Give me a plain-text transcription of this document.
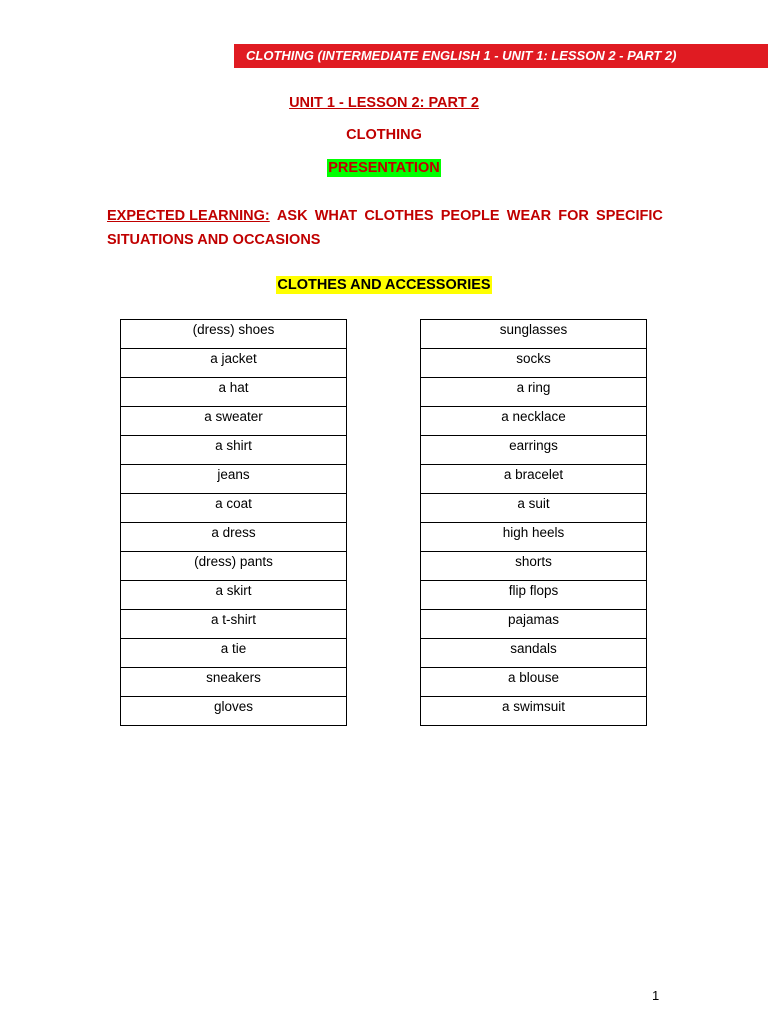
CLOTHING (INTERMEDIATE ENGLISH 1 - UNIT 1: LESSON 2 - PART 2)
UNIT 1 - LESSON 2: PART 2
CLOTHING
PRESENTATION
EXPECTED LEARNING: ASK WHAT CLOTHES PEOPLE WEAR FOR SPECIFIC
SITUATIONS AND OCCASIONS
CLOTHES AND ACCESSORIES
(dress) shoes
a jacket
a hat
a sweater
a shirt
jeans
a coat
a dress
(dress) pants
a skirt
a t-shirt
a tie
sneakers
gloves
sunglasses
socks
a ring
a necklace
earrings
a bracelet
a suit
high heels
shorts
flip flops
pajamas
sandals
a blouse
a swimsuit
1
